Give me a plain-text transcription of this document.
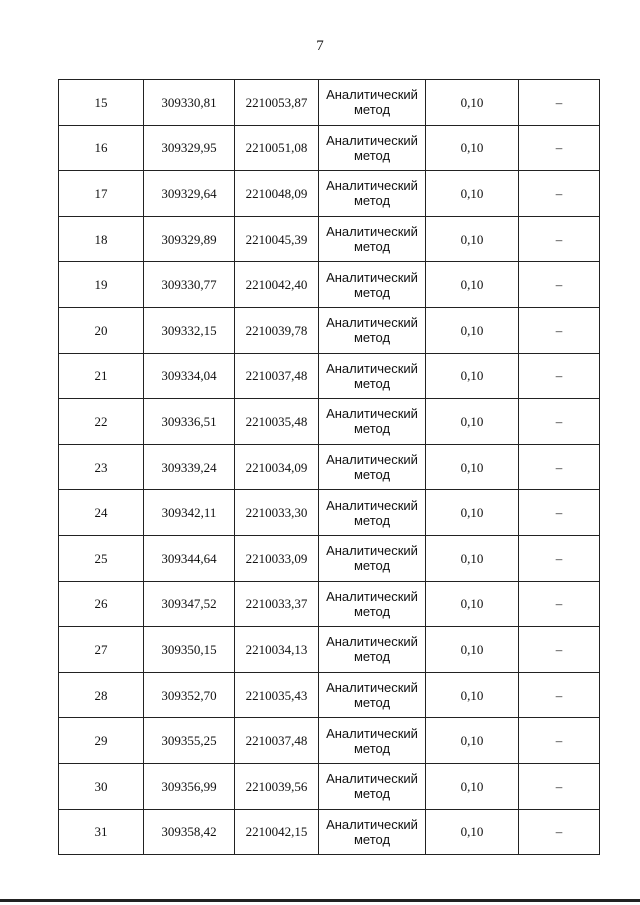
7
15	309330,81	2210053,87	Аналитический метод	0,10	–
16	309329,95	2210051,08	Аналитический метод	0,10	–
17	309329,64	2210048,09	Аналитический метод	0,10	–
18	309329,89	2210045,39	Аналитический метод	0,10	–
19	309330,77	2210042,40	Аналитический метод	0,10	–
20	309332,15	2210039,78	Аналитический метод	0,10	–
21	309334,04	2210037,48	Аналитический метод	0,10	–
22	309336,51	2210035,48	Аналитический метод	0,10	–
23	309339,24	2210034,09	Аналитический метод	0,10	–
24	309342,11	2210033,30	Аналитический метод	0,10	–
25	309344,64	2210033,09	Аналитический метод	0,10	–
26	309347,52	2210033,37	Аналитический метод	0,10	–
27	309350,15	2210034,13	Аналитический метод	0,10	–
28	309352,70	2210035,43	Аналитический метод	0,10	–
29	309355,25	2210037,48	Аналитический метод	0,10	–
30	309356,99	2210039,56	Аналитический метод	0,10	–
31	309358,42	2210042,15	Аналитический метод	0,10	–
